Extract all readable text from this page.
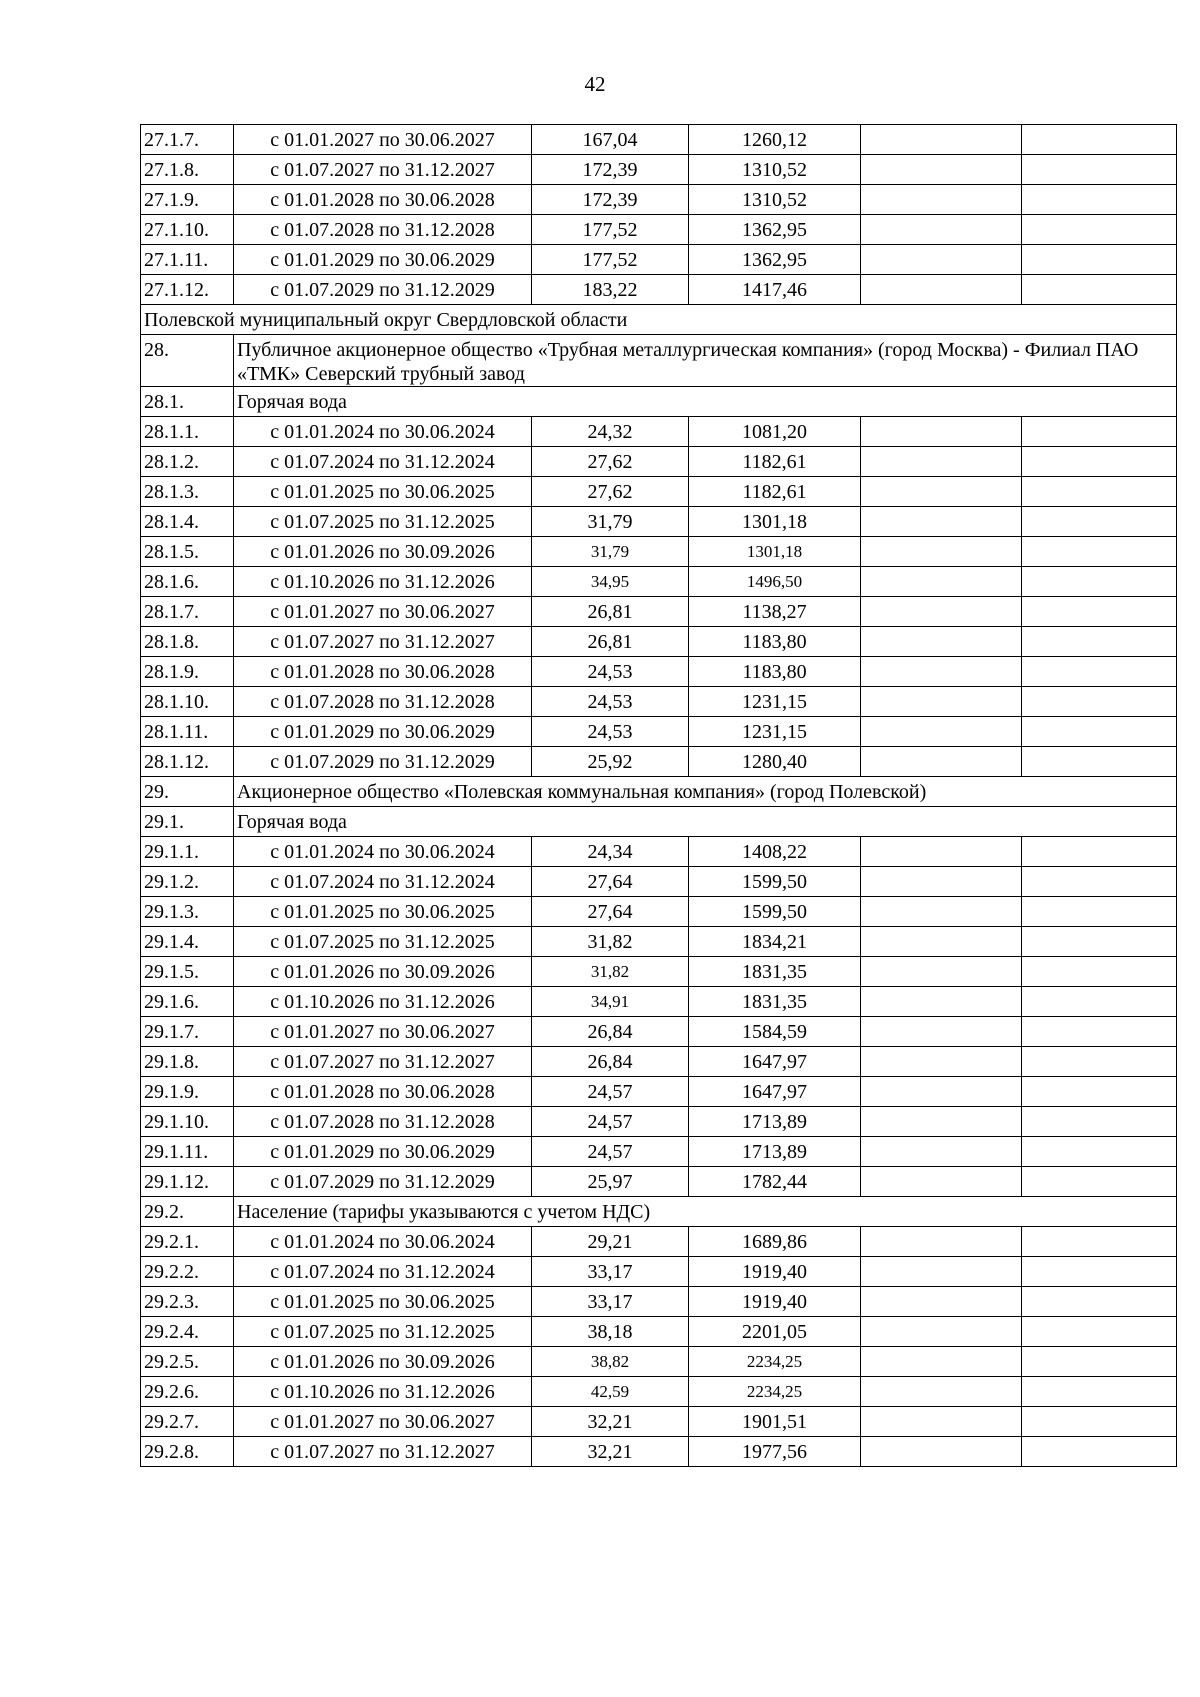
42
27.1.7.	с 01.01.2027 по 30.06.2027	167,04	1260,12		
27.1.8.	с 01.07.2027 по 31.12.2027	172,39	1310,52		
27.1.9.	с 01.01.2028 по 30.06.2028	172,39	1310,52		
27.1.10.	с 01.07.2028 по 31.12.2028	177,52	1362,95		
27.1.11.	с 01.01.2029 по 30.06.2029	177,52	1362,95		
27.1.12.	с 01.07.2029 по 31.12.2029	183,22	1417,46		
Полевской муниципальный округ Свердловской области					
28.	Публичное акционерное общество «Трубная металлургическая компания» (город Москва) - Филиал ПАО «ТМК» Северский трубный завод				
28.1.	Горячая вода				
28.1.1.	с 01.01.2024 по 30.06.2024	24,32	1081,20		
28.1.2.	с 01.07.2024 по 31.12.2024	27,62	1182,61		
28.1.3.	с 01.01.2025 по 30.06.2025	27,62	1182,61		
28.1.4.	с 01.07.2025 по 31.12.2025	31,79	1301,18		
28.1.5.	с 01.01.2026 по 30.09.2026	31,79	1301,18		
28.1.6.	с 01.10.2026 по 31.12.2026	34,95	1496,50		
28.1.7.	с 01.01.2027 по 30.06.2027	26,81	1138,27		
28.1.8.	с 01.07.2027 по 31.12.2027	26,81	1183,80		
28.1.9.	с 01.01.2028 по 30.06.2028	24,53	1183,80		
28.1.10.	с 01.07.2028 по 31.12.2028	24,53	1231,15		
28.1.11.	с 01.01.2029 по 30.06.2029	24,53	1231,15		
28.1.12.	с 01.07.2029 по 31.12.2029	25,92	1280,40		
29.	Акционерное общество «Полевская коммунальная компания» (город Полевской)				
29.1.	Горячая вода				
29.1.1.	с 01.01.2024 по 30.06.2024	24,34	1408,22		
29.1.2.	с 01.07.2024 по 31.12.2024	27,64	1599,50		
29.1.3.	с 01.01.2025 по 30.06.2025	27,64	1599,50		
29.1.4.	с 01.07.2025 по 31.12.2025	31,82	1834,21		
29.1.5.	с 01.01.2026 по 30.09.2026	31,82	1831,35		
29.1.6.	с 01.10.2026 по 31.12.2026	34,91	1831,35		
29.1.7.	с 01.01.2027 по 30.06.2027	26,84	1584,59		
29.1.8.	с 01.07.2027 по 31.12.2027	26,84	1647,97		
29.1.9.	с 01.01.2028 по 30.06.2028	24,57	1647,97		
29.1.10.	с 01.07.2028 по 31.12.2028	24,57	1713,89		
29.1.11.	с 01.01.2029 по 30.06.2029	24,57	1713,89		
29.1.12.	с 01.07.2029 по 31.12.2029	25,97	1782,44		
29.2.	Население (тарифы указываются с учетом НДС)				
29.2.1.	с 01.01.2024 по 30.06.2024	29,21	1689,86		
29.2.2.	с 01.07.2024 по 31.12.2024	33,17	1919,40		
29.2.3.	с 01.01.2025 по 30.06.2025	33,17	1919,40		
29.2.4.	с 01.07.2025 по 31.12.2025	38,18	2201,05		
29.2.5.	с 01.01.2026 по 30.09.2026	38,82	2234,25		
29.2.6.	с 01.10.2026 по 31.12.2026	42,59	2234,25		
29.2.7.	с 01.01.2027 по 30.06.2027	32,21	1901,51		
29.2.8.	с 01.07.2027 по 31.12.2027	32,21	1977,56		
